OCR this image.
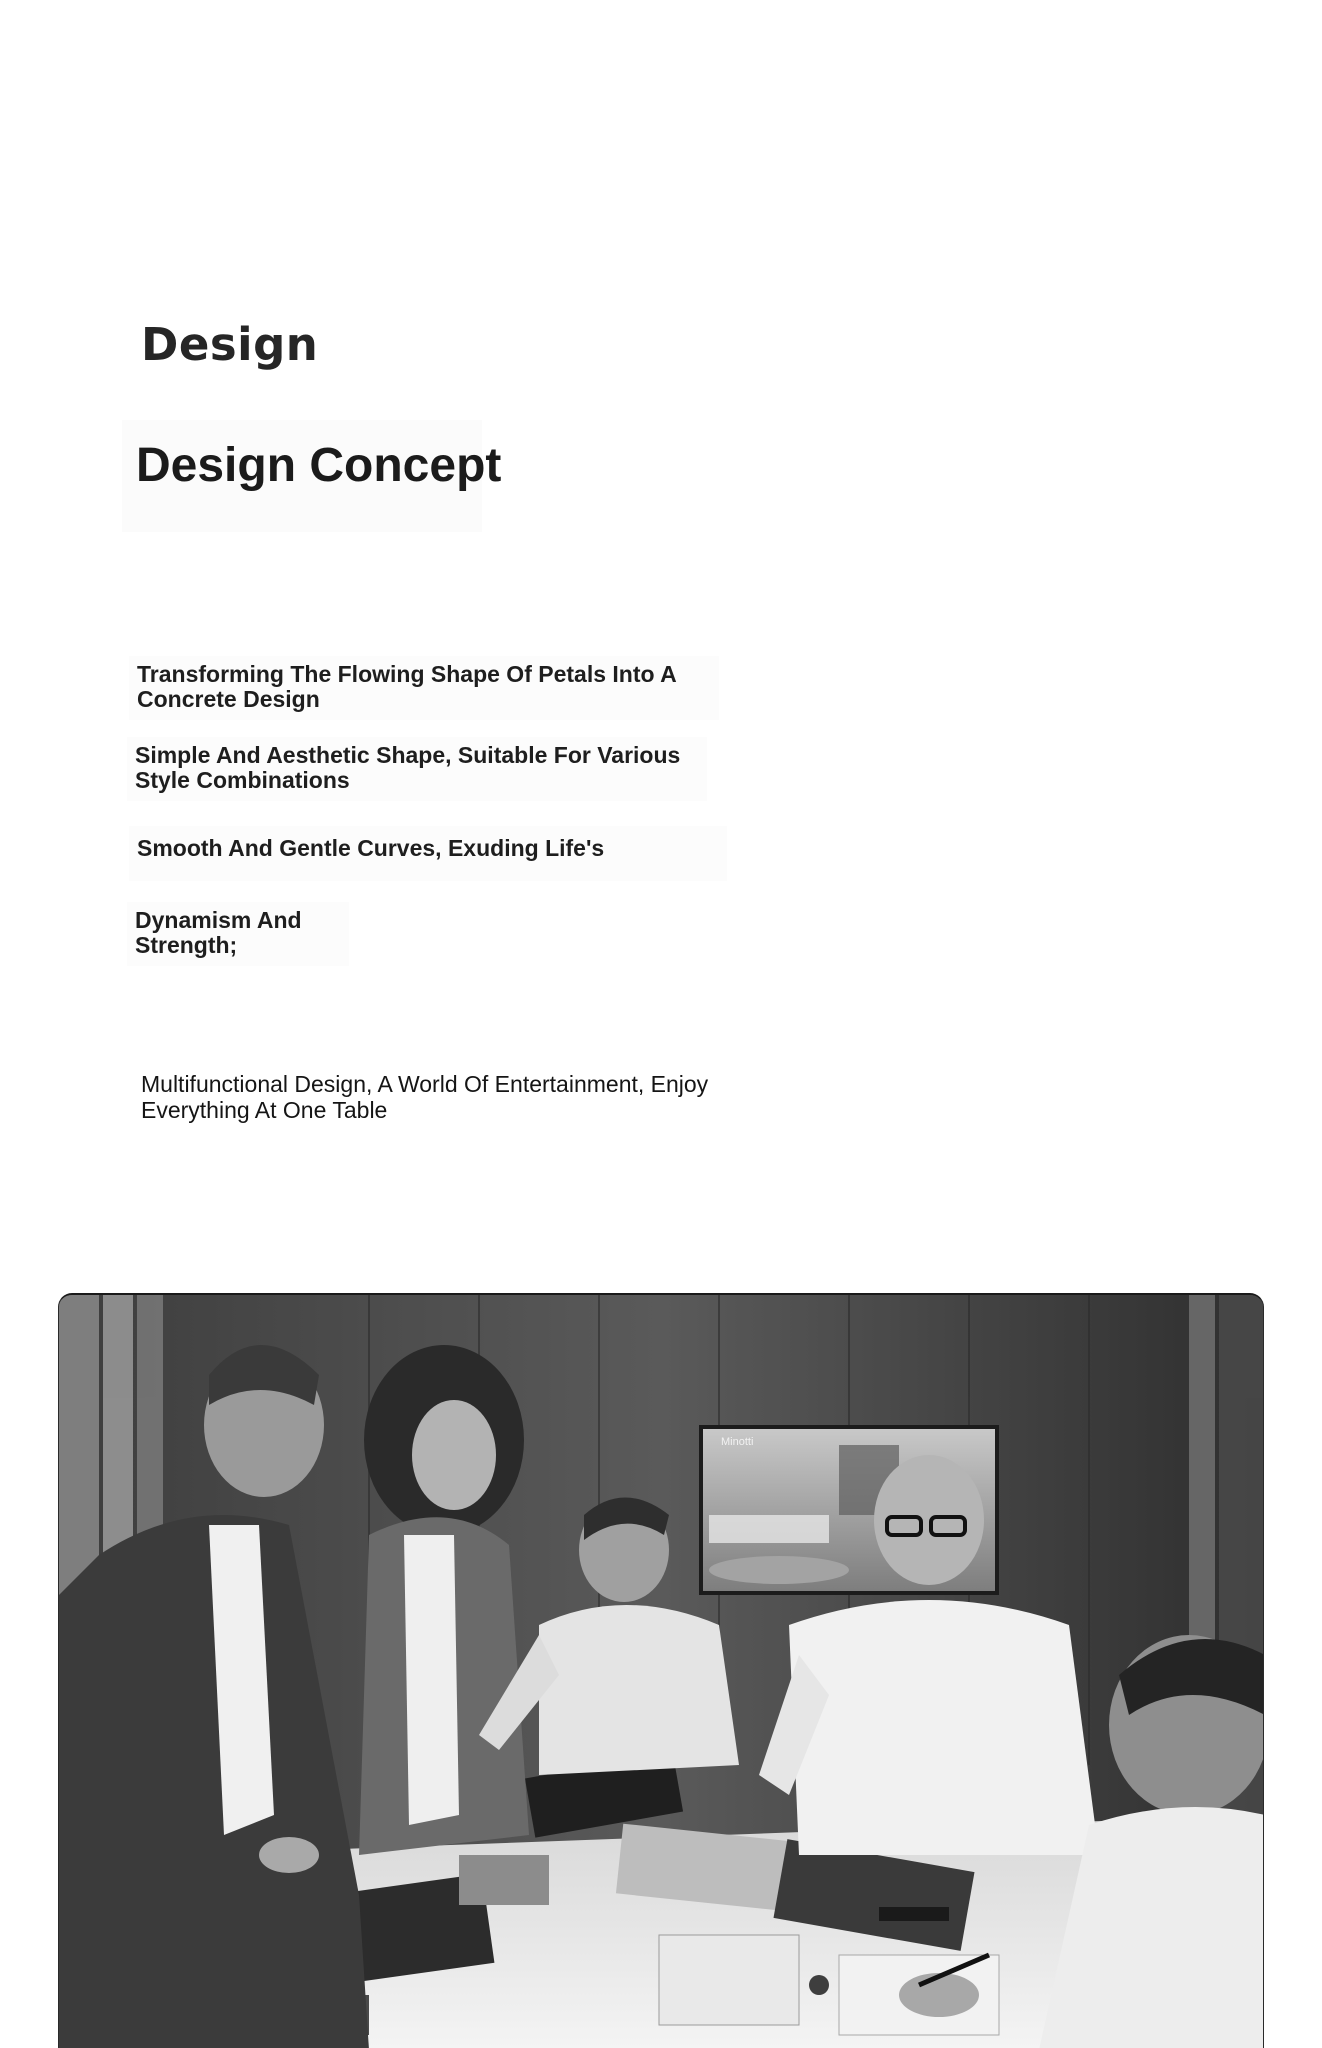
Design
Design Concept
Transforming The Flowing Shape Of Petals Into A Concrete Design
Simple And Aesthetic Shape, Suitable For Various Style Combinations
Smooth And Gentle Curves, Exuding Life's
Dynamism And Strength;
Multifunctional Design, A World Of Entertainment, Enjoy Everything At One Table
Minotti
